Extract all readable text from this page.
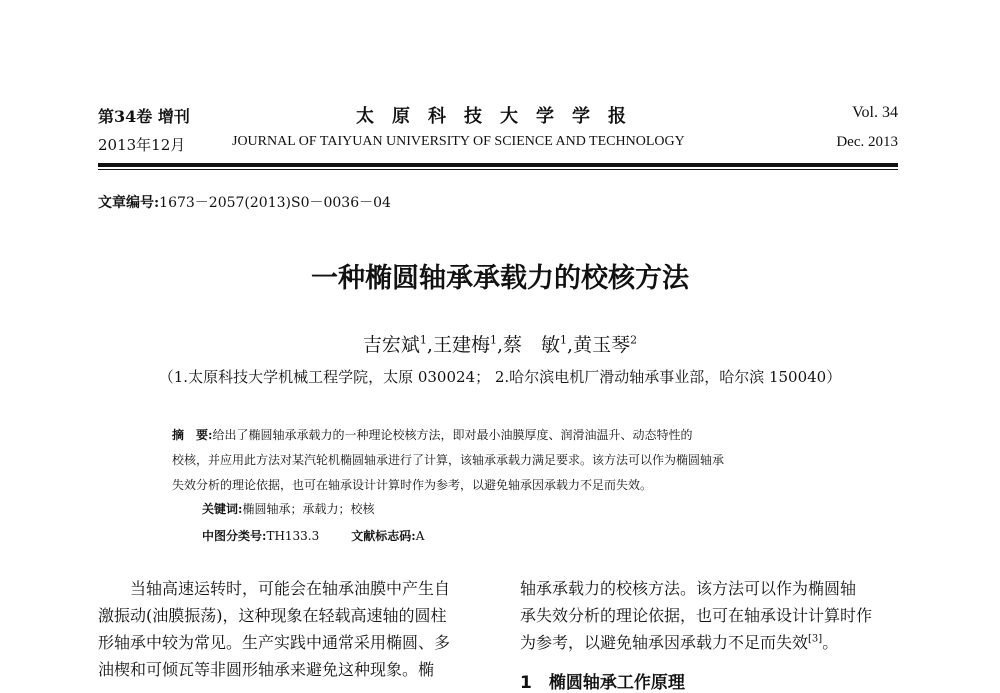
第34卷 增刊
2013年12月
太原科技大学学报
JOURNAL OF TAIYUAN UNIVERSITY OF SCIENCE AND TECHNOLOGY
Vol. 34
Dec. 2013
文章编号:1673－2057(2013)S0－0036－04
一种椭圆轴承承载力的校核方法
吉宏斌$^1$,王建梅$^1$,蔡　敏$^1$,黄玉琴$^2$
（1.太原科技大学机械工程学院，太原 030024； 2.哈尔滨电机厂滑动轴承事业部，哈尔滨 150040）
摘　要:给出了椭圆轴承承载力的一种理论校核方法，即对最小油膜厚度、润滑油温升、动态特性的
校核，并应用此方法对某汽轮机椭圆轴承进行了计算，该轴承承载力满足要求。该方法可以作为椭圆轴承
失效分析的理论依据，也可在轴承设计计算时作为参考，以避免轴承因承载力不足而失效。
关键词:椭圆轴承；承载力；校核
中图分类号:TH133.3	文献标志码:A
当轴高速运转时，可能会在轴承油膜中产生自
激振动(油膜振荡)，这种现象在轻载高速轴的圆柱
形轴承中较为常见。生产实践中通常采用椭圆、多
油楔和可倾瓦等非圆形轴承来避免这种现象。椭
轴承承载力的校核方法。该方法可以作为椭圆轴
承失效分析的理论依据，也可在轴承设计计算时作
为参考，以避免轴承因承载力不足而失效[3]。
1　椭圆轴承工作原理
